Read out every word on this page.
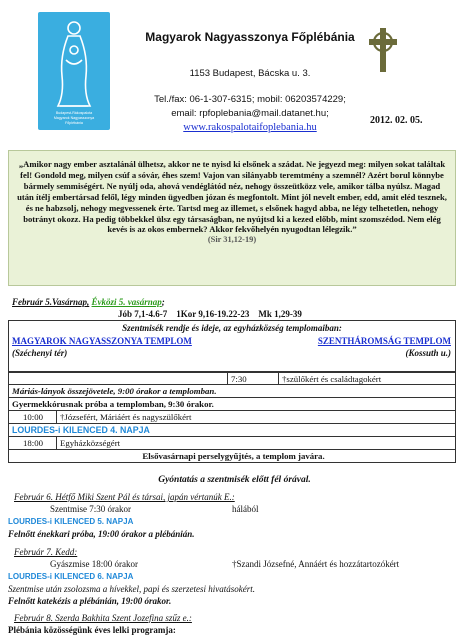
Budapest-Rákospalota
Magyarok Nagyasszonya
Főplébánia
Magyarok Nagyasszonya Főplébánia
1153 Budapest, Bácska u. 3.
Tel./fax: 06-1-307-6315; mobil: 06203574229;
email: rpfoplebania@mail.datanet.hu;
www.rakospalotaifoplebania.hu
2012. 02. 05.
„Amikor nagy ember asztalánál ülhetsz, akkor ne te nyisd ki elsőnek a szádat. Ne jegyezd meg: milyen sokat találtak fel! Gondold meg, milyen csúf a sóvár, éhes szem! Vajon van silányabb teremtmény a szemnél? Azért borul könnybe bármely semmiségért. Ne nyúlj oda, ahová vendéglátód néz, nehogy összeütközz vele, amikor tálba nyúlsz. Magad után ítélj embertársad felől, légy minden ügyedben józan és megfontolt. Mint jól nevelt ember, edd, amit eléd tesznek, és ne habzsolj, nehogy megvessenek érte. Tartsd meg az illemet, s elsőnek hagyd abba, ne légy telhetetlen, nehogy botrányt okozz. Ha pedig többekkel ülsz egy társaságban, ne nyújtsd ki a kezed előbb, mint szomszédod. Nem elég kevés is az okos embernek? Akkor fekvőhelyén nyugodtan lélegzik.”
(Sir 31,12-19)
Február 5.Vasárnap, Évközi 5. vasárnap;
Jób 7,1-4.6-7    1Kor 9,16-19.22-23    Mk 1,29-39
Szentmisék rendje és ideje, az egyházközség templomaiban:
MAGYAROK NAGYASSZONYA TEMPLOM	SZENTHÁROMSÁG TEMPLOM
(Széchenyi tér)	(Kossuth u.)
7:30	†szülőkért és családtagokért
Máriás-lányok összejövetele, 9:00 órakor a templomban.
Gyermekkórusnak próba a templomban, 9:30 órakor.
10:00	†Józsefért, Máriáért és nagyszülőkért
LOURDES-i KILENCED 4. NAPJA
18:00	Egyházközségért
Elsővasárnapi perselygyűjtés, a templom javára.
Gyóntatás a szentmisék előtt fél órával.
Február 6. Hétfő Miki Szent Pál és társai, japán vértanúk E.:
Szentmise 7:30 órakor	hálából
LOURDES-i KILENCED 5. NAPJA
Felnőtt énekkari próba, 19:00 órakor a plébánián.
Február 7. Kedd:
Gyászmise 18:00 órakor	†Szandi Józsefné, Annáért és hozzátartozókért
LOURDES-i KILENCED 6. NAPJA
Szentmise után zsolozsma a hívekkel, papi és szerzetesi hivatásokért.
Felnőtt katekézis a plébánián, 19:00 órakor.
Február 8. Szerda Bakhita Szent Jozefina szűz e.:
Plébánia közösségünk éves lelki programja:
